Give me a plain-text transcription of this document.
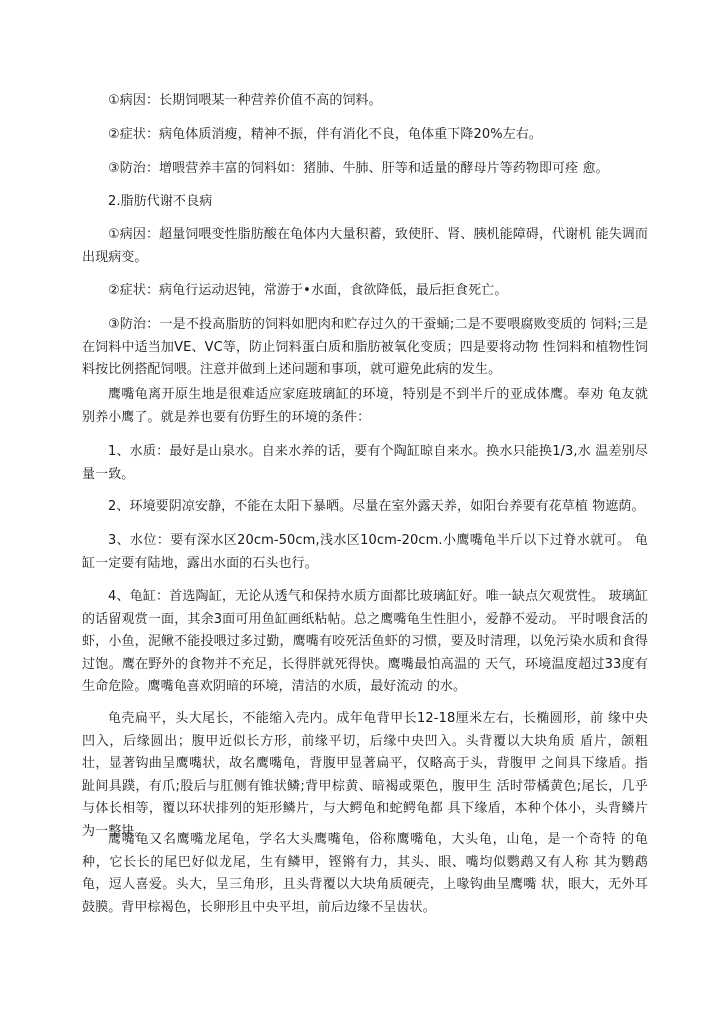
①病因：长期饲喂某一种营养价值不高的饲料。

②症状：病龟体质消瘦，精神不振，伴有消化不良，龟体重下降20%左右。

③防治：增喂营养丰富的饲料如：猪肺、牛肺、肝等和适量的酵母片等药物即可痊 愈。

2.脂肪代谢不良病

①病因：超量饲喂变性脂肪酸在龟体内大量积蓄，致使肝、肾、胰机能障碍，代谢机 能失调而出现病变。

②症状：病龟行运动迟钝，常游于•水面，食欲降低，最后拒食死亡。

③防治：一是不投高脂肪的饲料如肥肉和贮存过久的干蚕蛹;二是不要喂腐败变质的 饲料;三是在饲料中适当加VE、VC等，防止饲料蛋白质和脂肪被氧化变质；四是要将动物 性饲料和植物性饲料按比例搭配饲喂。注意并做到上述问题和事项，就可避免此病的发生。

鹰嘴龟离开原生地是很难适应家庭玻璃缸的环境，特别是不到半斤的亚成体鹰。奉劝 龟友就别养小鹰了。就是养也要有仿野生的环境的条件：

1、水质：最好是山泉水。自来水养的话，要有个陶缸晾自来水。换水只能换1/3,水 温差别尽量一致。

2、环境要阴凉安静，不能在太阳下暴晒。尽量在室外露天养，如阳台养要有花草植 物遮荫。

3、水位：要有深水区20cm-50cm,浅水区10cm-20cm.小鹰嘴龟半斤以下过脊水就可。 龟缸一定要有陆地，露出水面的石头也行。

4、龟缸：首选陶缸，无论从透气和保持水质方面都比玻璃缸好。唯一缺点欠观赏性。 玻璃缸的话留观赏一面，其余3面可用鱼缸画纸粘帖。总之鹰嘴龟生性胆小，爱静不爱动。 平时喂食活的虾，小鱼，泥鳅不能投喂过多过勤，鹰嘴有咬死活鱼虾的习惯，要及时清理，以免污染水质和食得过饱。鹰在野外的食物并不充足，长得胖就死得快。鹰嘴最怕高温的 天气，环境温度超过33度有生命危险。鹰嘴龟喜欢阴暗的环境，清洁的水质，最好流动 的水。

龟壳扁平，头大尾长，不能缩入壳内。成年龟背甲长12-18厘米左右，长椭圆形，前 缘中央凹入，后缘圆出；腹甲近似长方形，前缘平切，后缘中央凹入。头背覆以大块角质 盾片，颌粗壮，显著钩曲呈鹰嘴状，故名鹰嘴龟，背腹甲显著扁平，仅略高于头，背腹甲 之间具下缘盾。指趾间具蹼，有爪;股后与肛侧有锥状鳞;背甲棕黄、暗褐或栗色，腹甲生 活时带橘黄色;尾长，几乎与体长相等，覆以环状排列的矩形鳞片，与大鳄龟和蛇鳄龟都 具下缘盾，本种个体小，头背鳞片为一整块。

鹰嘴龟又名鹰嘴龙尾龟，学名大头鹰嘴龟，俗称鹰嘴龟，大头龟，山龟，是一个奇特 的龟种，它长长的尾巴好似龙尾，生有鳞甲，铿锵有力，其头、眼、嘴均似鹦鹉又有人称 其为鹦鹉龟，逗人喜爱。头大，呈三角形，且头背覆以大块角质硬壳，上喙钩曲呈鹰嘴 状，眼大，无外耳鼓膜。背甲棕褐色，长卵形且中央平坦，前后边缘不呈齿状。
